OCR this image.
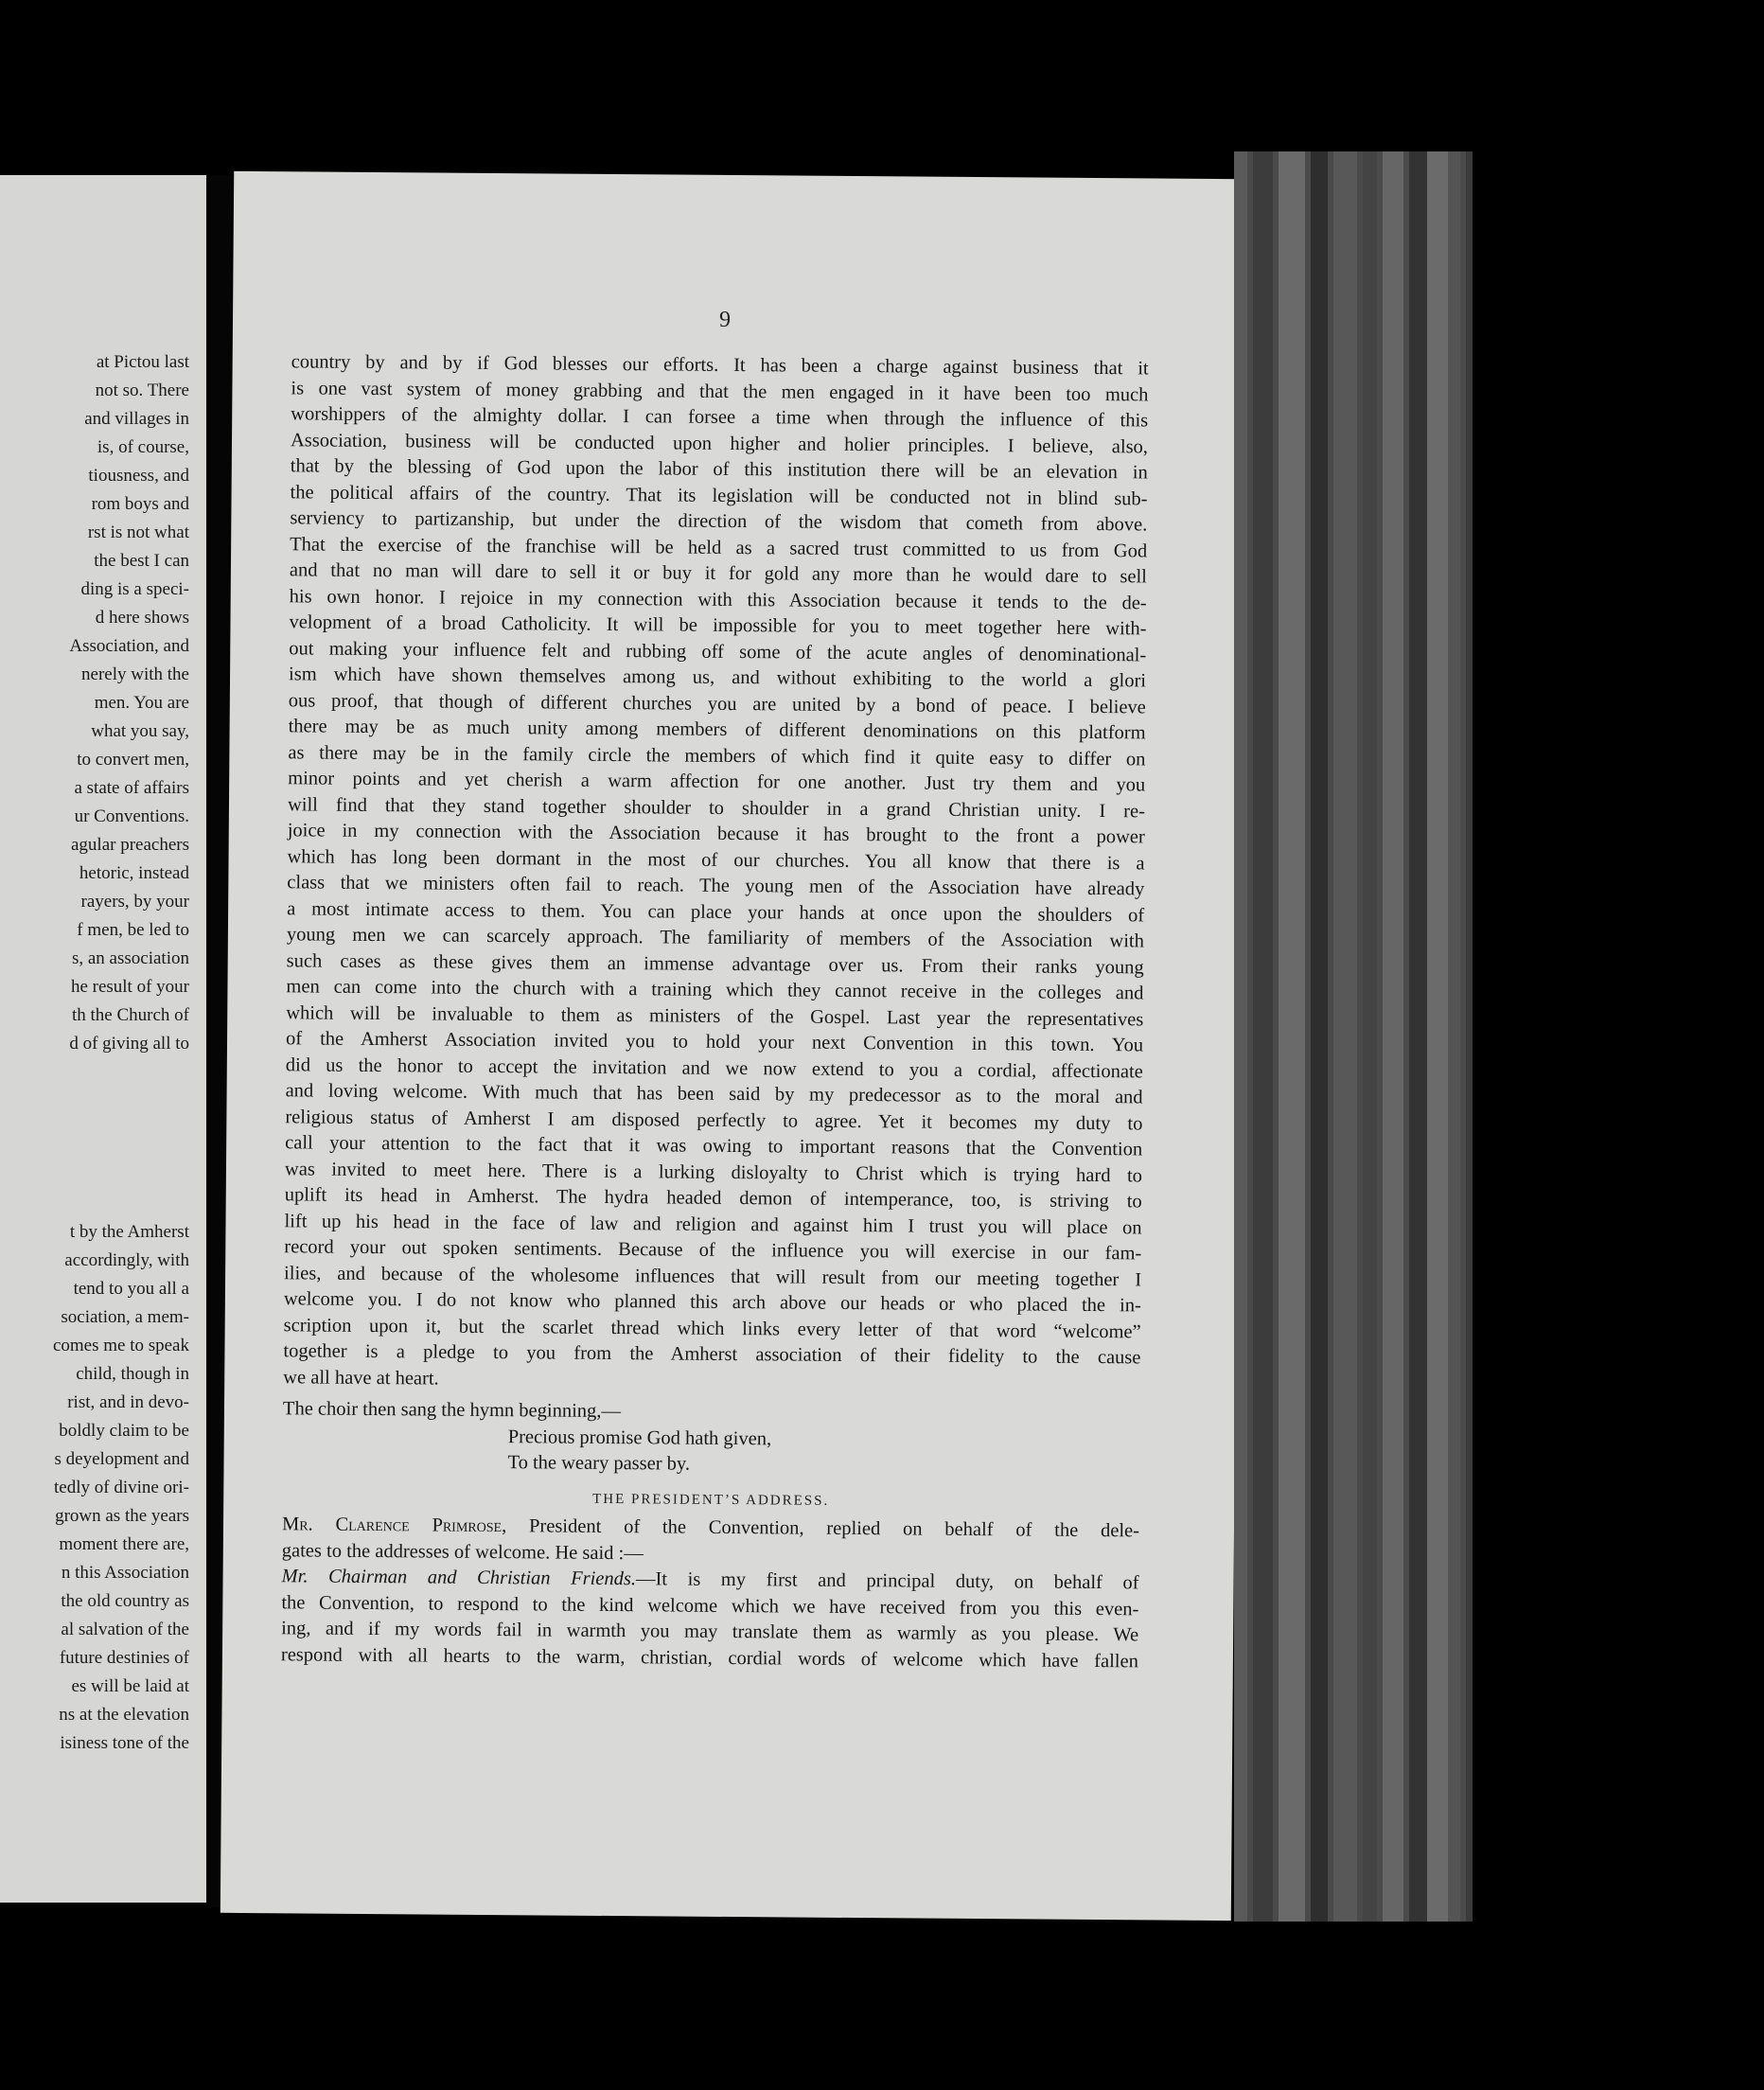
at Pictou last
not so. There
and villages in
is, of course,
tiousness, and
rom boys and
rst is not what
the best I can
ding is a speci-
d here shows
Association, and
nerely with the
men. You are
what you say,
to convert men,
a state of affairs
ur Conventions.
agular preachers
hetoric, instead
rayers, by your
f men, be led to
s, an association
he result of your
th the Church of
d of giving all to
t by the Amherst
accordingly, with
tend to you all a
sociation, a mem-
comes me to speak
child, though in
rist, and in devo-
boldly claim to be
s deyelopment and
tedly of divine ori-
grown as the years
moment there are,
n this Association
the old country as
al salvation of the
future destinies of
es will be laid at
ns at the elevation
isiness tone of the
9

country by and by if God blesses our efforts. It has been a charge against business that it
is one vast system of money grabbing and that the men engaged in it have been too much
worshippers of the almighty dollar. I can forsee a time when through the influence of this
Association, business will be conducted upon higher and holier principles. I believe, also,
that by the blessing of God upon the labor of this institution there will be an elevation in
the political affairs of the country. That its legislation will be conducted not in blind sub-
serviency to partizanship, but under the direction of the wisdom that cometh from above.
That the exercise of the franchise will be held as a sacred trust committed to us from God
and that no man will dare to sell it or buy it for gold any more than he would dare to sell
his own honor. I rejoice in my connection with this Association because it tends to the de-
velopment of a broad Catholicity. It will be impossible for you to meet together here with-
out making your influence felt and rubbing off some of the acute angles of denominational-
ism which have shown themselves among us, and without exhibiting to the world a glori
ous proof, that though of different churches you are united by a bond of peace. I believe
there may be as much unity among members of different denominations on this platform
as there may be in the family circle the members of which find it quite easy to differ on
minor points and yet cherish a warm affection for one another. Just try them and you
will find that they stand together shoulder to shoulder in a grand Christian unity. I re-
joice in my connection with the Association because it has brought to the front a power
which has long been dormant in the most of our churches. You all know that there is a
class that we ministers often fail to reach. The young men of the Association have already
a most intimate access to them. You can place your hands at once upon the shoulders of
young men we can scarcely approach. The familiarity of members of the Association with
such cases as these gives them an immense advantage over us. From their ranks young
men can come into the church with a training which they cannot receive in the colleges and
which will be invaluable to them as ministers of the Gospel. Last year the representatives
of the Amherst Association invited you to hold your next Convention in this town. You
did us the honor to accept the invitation and we now extend to you a cordial, affectionate
and loving welcome. With much that has been said by my predecessor as to the moral and
religious status of Amherst I am disposed perfectly to agree. Yet it becomes my duty to
call your attention to the fact that it was owing to important reasons that the Convention
was invited to meet here. There is a lurking disloyalty to Christ which is trying hard to
uplift its head in Amherst. The hydra headed demon of intemperance, too, is striving to
lift up his head in the face of law and religion and against him I trust you will place on
record your out spoken sentiments. Because of the influence you will exercise in our fam-
ilies, and because of the wholesome influences that will result from our meeting together I
welcome you. I do not know who planned this arch above our heads or who placed the in-
scription upon it, but the scarlet thread which links every letter of that word “welcome”
together is a pledge to you from the Amherst association of their fidelity to the cause
we all have at heart.

The choir then sang the hymn beginning,—

Precious promise God hath given,
To the weary passer by.
THE PRESIDENT’S ADDRESS.

Mr. Clarence Primrose, President of the Convention, replied on behalf of the dele-
gates to the addresses of welcome. He said :—

Mr. Chairman and Christian Friends.—It is my first and principal duty, on behalf of
the Convention, to respond to the kind welcome which we have received from you this even-
ing, and if my words fail in warmth you may translate them as warmly as you please. We
respond with all hearts to the warm, christian, cordial words of welcome which have fallen
